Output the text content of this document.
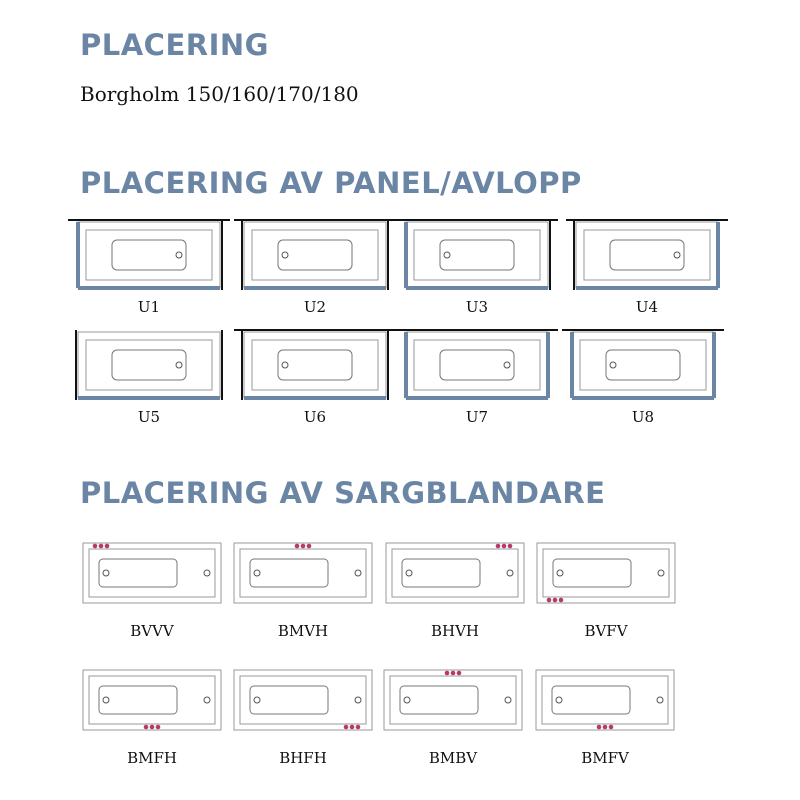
PLACERING

Borgholm 150/160/170/180

PLACERING AV PANEL/AVLOPP
PLACERING AV SARGBLANDARE
U1	U2	U3	U4
U5	U6	U7	U8
BVVV	BMVH	BHVH	BVFV
BMFH	BHFH	BMBV	BMFV
